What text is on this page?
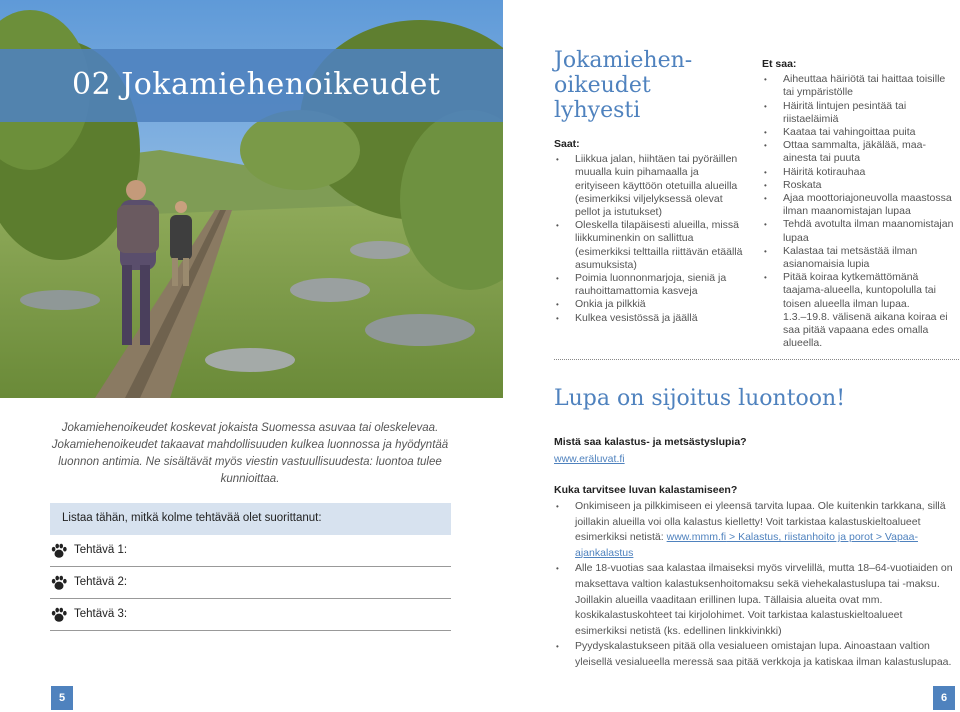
02 Jokamiehenoikeudet

Jokamiehenoikeudet koskevat jokaista Suomessa asuvaa tai oleskelevaa. Jokamiehenoikeudet takaavat mahdollisuuden kulkea luonnossa ja hyödyntää luonnon antimia. Ne sisältävät myös viestin vastuullisuudesta: luontoa tulee kunnioittaa.

Listaa tähän, mitkä kolme tehtävää olet suorittanut:
Tehtävä 1:
Tehtävä 2:
Tehtävä 3:
5
Jokamiehen-oikeudet lyhyesti
Saat:
• Liikkua jalan, hiihtäen tai pyöräillen muualla kuin pihamaalla ja erityiseen käyttöön otetuilla alueilla (esimerkiksi viljelyksessä olevat pellot ja istutukset)
• Oleskella tilapäisesti alueilla, missä liikkuminenkin on sallittua (esimerkiksi telttailla riittävän etäällä asumuksista)
• Poimia luonnonmarjoja, sieniä ja rauhoittamattomia kasveja
• Onkia ja pilkkiä
• Kulkea vesistössä ja jäällä
Et saa:
• Aiheuttaa häiriötä tai haittaa toisille tai ympäristölle
• Häiritä lintujen pesintää tai riistaeläimiä
• Kaataa tai vahingoittaa puita
• Ottaa sammalta, jäkälää, maa-ainesta tai puuta
• Häiritä kotirauhaa
• Roskata
• Ajaa moottoriajoneuvolla maastossa ilman maanomistajan lupaa
• Tehdä avotulta ilman maanomistajan lupaa
• Kalastaa tai metsästää ilman asianomaisia lupia
• Pitää koiraa kytkemättömänä taajama-alueella, kuntopolulla tai toisen alueella ilman lupaa.
1.3.–19.8. välisenä aikana koiraa ei saa pitää vapaana edes omalla alueella.
Lupa on sijoitus luontoon!
Mistä saa kalastus- ja metsästyslupia?
www.eräluvat.fi
Kuka tarvitsee luvan kalastamiseen?
• Onkimiseen ja pilkkimiseen ei yleensä tarvita lupaa. Ole kuitenkin tarkkana, sillä joillakin alueilla voi olla kalastus kielletty! Voit tarkistaa kalastuskieltoalueet esimerkiksi netistä: www.mmm.fi > Kalastus, riistanhoito ja porot > Vapaa-ajankalastus
• Alle 18-vuotias saa kalastaa ilmaiseksi myös virvelillä, mutta 18–64-vuotiaiden on maksettava valtion kalastuksenhoitomaksu sekä viehekalastuslupa tai -maksu. Joillakin alueilla vaaditaan erillinen lupa. Tällaisia alueita ovat mm. koskikalastuskohteet tai kirjolohimet. Voit tarkistaa kalastuskieltoalueet esimerkiksi netistä (ks. edellinen linkkivinkki)
• Pyydyskalastukseen pitää olla vesialueen omistajan lupa. Ainoastaan valtion yleisellä vesialueella meressä saa pitää verkkoja ja katiskaa ilman kalastuslupaa.
6
